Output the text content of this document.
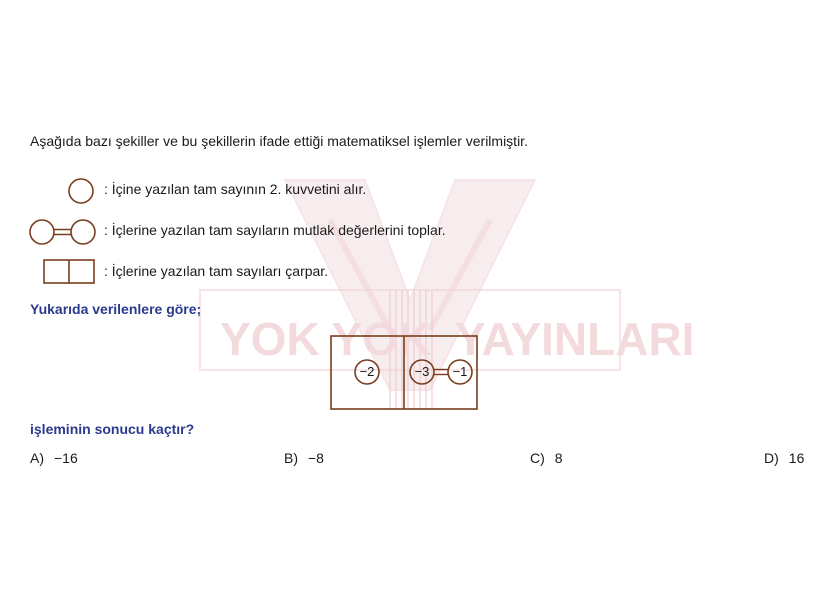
YOK YOK YAYINLARI
Aşağıda bazı şekiller ve bu şekillerin ifade ettiği matematiksel işlemler verilmiştir.
: İçine yazılan tam sayının 2. kuvvetini alır.
: İçlerine yazılan tam sayıların mutlak değerlerini toplar.
: İçlerine yazılan tam sayıları çarpar.
Yukarıda verilenlere göre;
−2	−3	−1
işleminin sonucu kaçtır?
A) −16	B) −8	C) 8	D) 16
